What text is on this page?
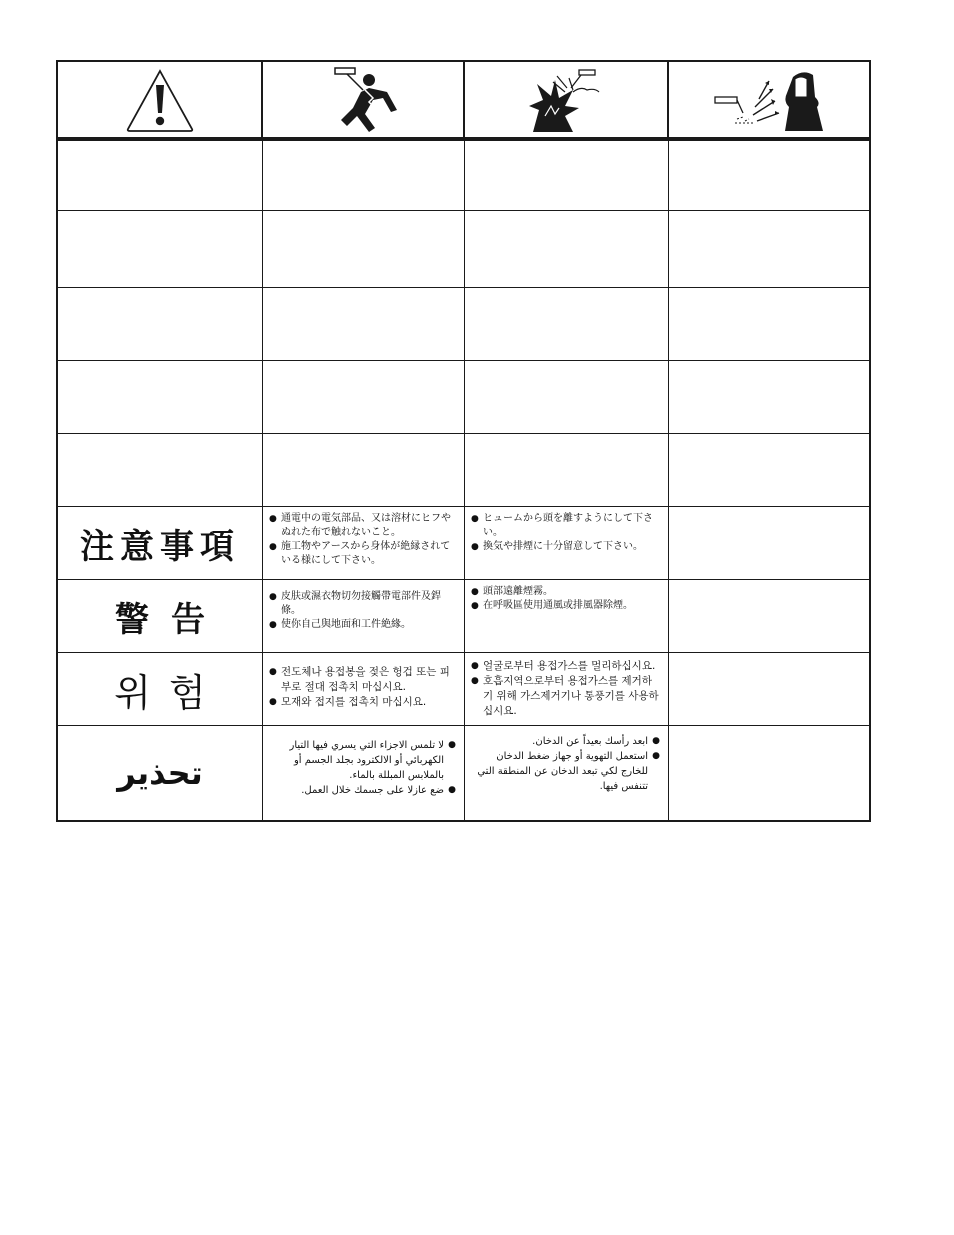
注意事項
● 通電中の電気部品、又は溶材にヒフやぬれた布で触れないこと。
● 施工物やアースから身体が絶縁されている様にして下さい。
● ヒュームから頭を離すようにして下さい。
● 換気や排煙に十分留意して下さい。
警告
● 皮肤或濕衣物切勿接觸帶電部件及銲條。
● 使你自己與地面和工件絶緣。
● 頭部遠離煙霧。
● 在呼吸區使用通風或排風器除煙。
위험
●	전도체나 용접봉을 젖은 헝겁 또는 피부로 절대 접촉치 마십시요.
● 모재와 접지를 접촉치 마십시요.
● 얼굴로부터 용접가스를 멀리하십시요.
● 호흡지역으로부터 용접가스를 제거하기 위해 가스제거기나 통풍기를 사용하십시요.
تحذير
● لا تلمس الاجزاء التي يسري فيها التيار الكهربائي أو الالكترود بجلد الجسم أو بالملابس المبللة بالماء.
● ضع عازلا على جسمك خلال العمل.
● ابعد رأسك بعيداً عن الدخان.
● استعمل التهوية أو جهاز ضغط الدخان للخارج لكي تبعد الدخان عن المنطقة التي تتنفس فيها.
